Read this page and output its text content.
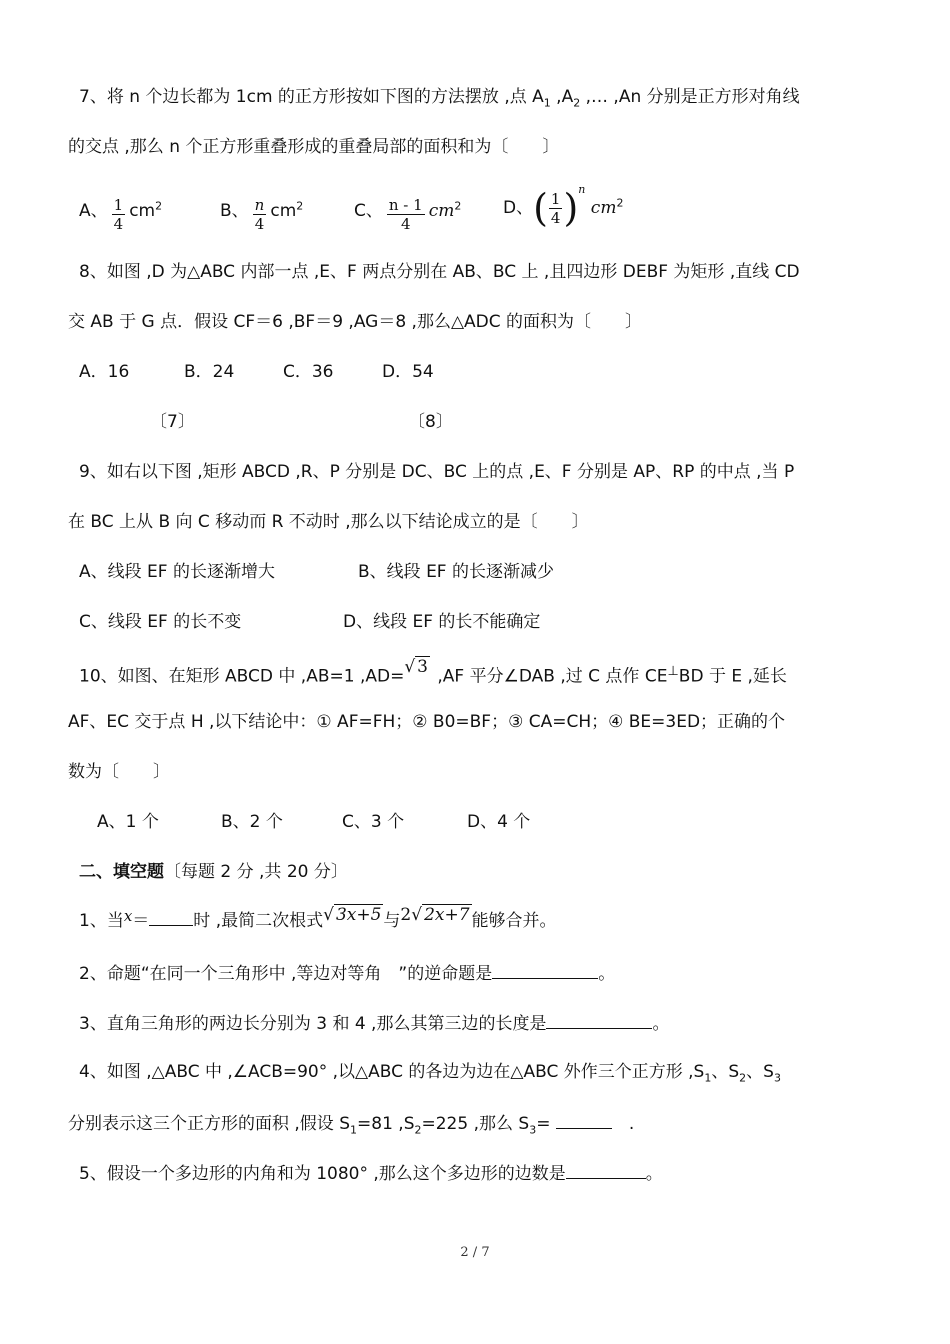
7、将 n 个边长都为 1cm 的正方形按如下图的方法摆放 ,点 $A_1$ $,A_2$ ,… ,An 分别是正方形对角线
的交点 ,那么 n 个正方形重叠形成的重叠局部的面积和为〔　　〕
A、 $\frac{1}{4} cm^2$	B、 $\frac{n}{4} cm^2$	C、 $\frac{n - 1}{4} cm^2$ D、( $\frac{1}{4} )^n$ $cm^2$
8、如图 ,D 为△ABC 内部一点 ,E、F 两点分别在 AB、BC 上 ,且四边形 DEBF 为矩形 ,直线 CD
交 AB 于 G 点．假设 CF＝6 ,BF＝9 ,AG＝8 ,那么△ADC 的面积为〔　　〕
A．16	B．24	C．36	D．54
〔7〕	〔8〕
9、如右以下图 ,矩形 ABCD ,R、P 分别是 DC、BC 上的点 ,E、F 分别是 AP、RP 的中点 ,当 P
在 BC 上从 B 向 C 移动而 R 不动时 ,那么以下结论成立的是〔　　〕
A、线段 EF 的长逐渐增大	B、线段 EF 的长逐渐减少
C、线段 EF 的长不变	D、线段 EF 的长不能确定
10、如图、在矩形 ABCD 中 ,AB=1 ,AD=√ 3 ,AF 平分∠DAB ,过 C 点作 CE⊥BD 于 E ,延长
AF、EC 交于点 H ,以下结论中：① AF=FH；② B0=BF；③ CA=CH；④ BE=3ED；正确的个
数为〔　　〕
A、1 个	B、2 个	C、3 个	D、4 个
二、填空题〔每题 2 分 ,共 20 分〕
1、当x＝	时 ,最简二次根式√ 3x+5 与2√ 2x+7 能够合并。
2、命题“在同一个三角形中 ,等边对等角　”的逆命题是	。
3、直角三角形的两边长分别为 3 和 4 ,那么其第三边的长度是	。
4、如图 ,△ABC 中 ,∠ACB=90° ,以△ABC 的各边为边在△ABC 外作三个正方形 $,S_1$、$S_2$、$S_3$
分别表示这三个正方形的面积 ,假设 $S_1=81$ $,S_2=225$ ,那么 $S_3=$	　.
5、假设一个多边形的内角和为 1080° ,那么这个多边形的边数是	。
2 / 7
